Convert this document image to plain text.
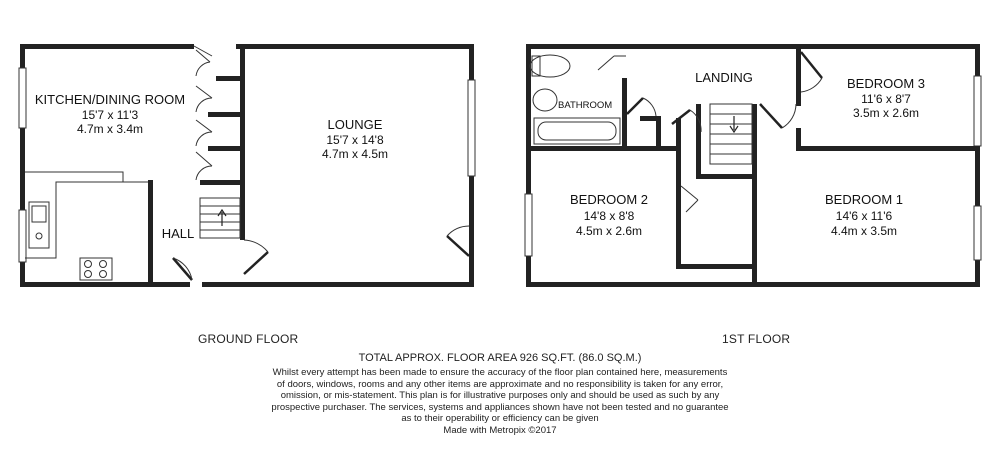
KITCHEN/DINING ROOM
15'7 x 11'3
4.7m x 3.4m	LOUNGE
15'7 x 14'8
4.7m x 4.5m
HALL
LANDING
BATHROOM
BEDROOM 3
11'6 x 8'7
3.5m x 2.6m
BEDROOM 2
14'8 x 8'8
4.5m x 2.6m
BEDROOM 1
14'6 x 11'6
4.4m x 3.5m
GROUND FLOOR	1ST FLOOR
TOTAL APPROX. FLOOR AREA 926 SQ.FT. (86.0 SQ.M.)
Whilst every attempt has been made to ensure the accuracy of the floor plan contained here, measurements
of doors, windows, rooms and any other items are approximate and no responsibility is taken for any error,
omission, or mis-statement. This plan is for illustrative purposes only and should be used as such by any
prospective purchaser. The services, systems and appliances shown have not been tested and no guarantee
as to their operability or efficiency can be given
Made with Metropix ©2017
